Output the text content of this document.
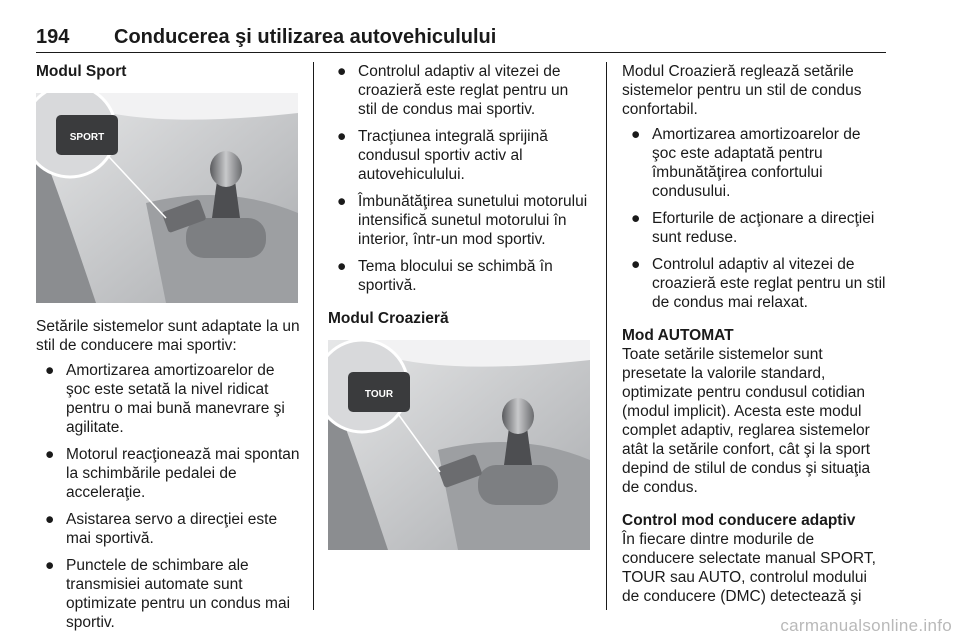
194 Conducerea şi utilizarea autovehiculului

Modul Sport

SPORT

Setările sistemelor sunt adaptate la un stil de conducere mai sportiv:

● Amortizarea amortizoarelor de şoc este setată la nivel ridicat pentru o mai bună manevrare şi agilitate.
● Motorul reacţionează mai spontan la schimbările pedalei de acceleraţie.
● Asistarea servo a direcţiei este mai sportivă.
● Punctele de schimbare ale transmisiei automate sunt optimizate pentru un condus mai sportiv.
● Controlul adaptiv al vitezei de croazieră este reglat pentru un stil de condus mai sportiv.
● Tracţiunea integrală sprijină condusul sportiv activ al autovehiculului.
● Îmbunătăţirea sunetului motorului intensifică sunetul motorului în interior, într-un mod sportiv.
● Tema blocului se schimbă în sportivă.

Modul Croazieră

TOUR

Modul Croazieră reglează setările sistemelor pentru un stil de condus confortabil.

● Amortizarea amortizoarelor de şoc este adaptată pentru îmbunătăţirea confortului condusului.
● Eforturile de acţionare a direcţiei sunt reduse.
● Controlul adaptiv al vitezei de croazieră este reglat pentru un stil de condus mai relaxat.

Mod AUTOMAT

Toate setările sistemelor sunt presetate la valorile standard, optimizate pentru condusul cotidian (modul implicit). Acesta este modul complet adaptiv, reglarea sistemelor atât la setările confort, cât şi la sport depind de stilul de condus şi situaţia de condus.

Control mod conducere adaptiv

În fiecare dintre modurile de conducere selectate manual SPORT, TOUR sau AUTO, controlul modului de conducere (DMC) detectează şi

carmanualsonline.info
